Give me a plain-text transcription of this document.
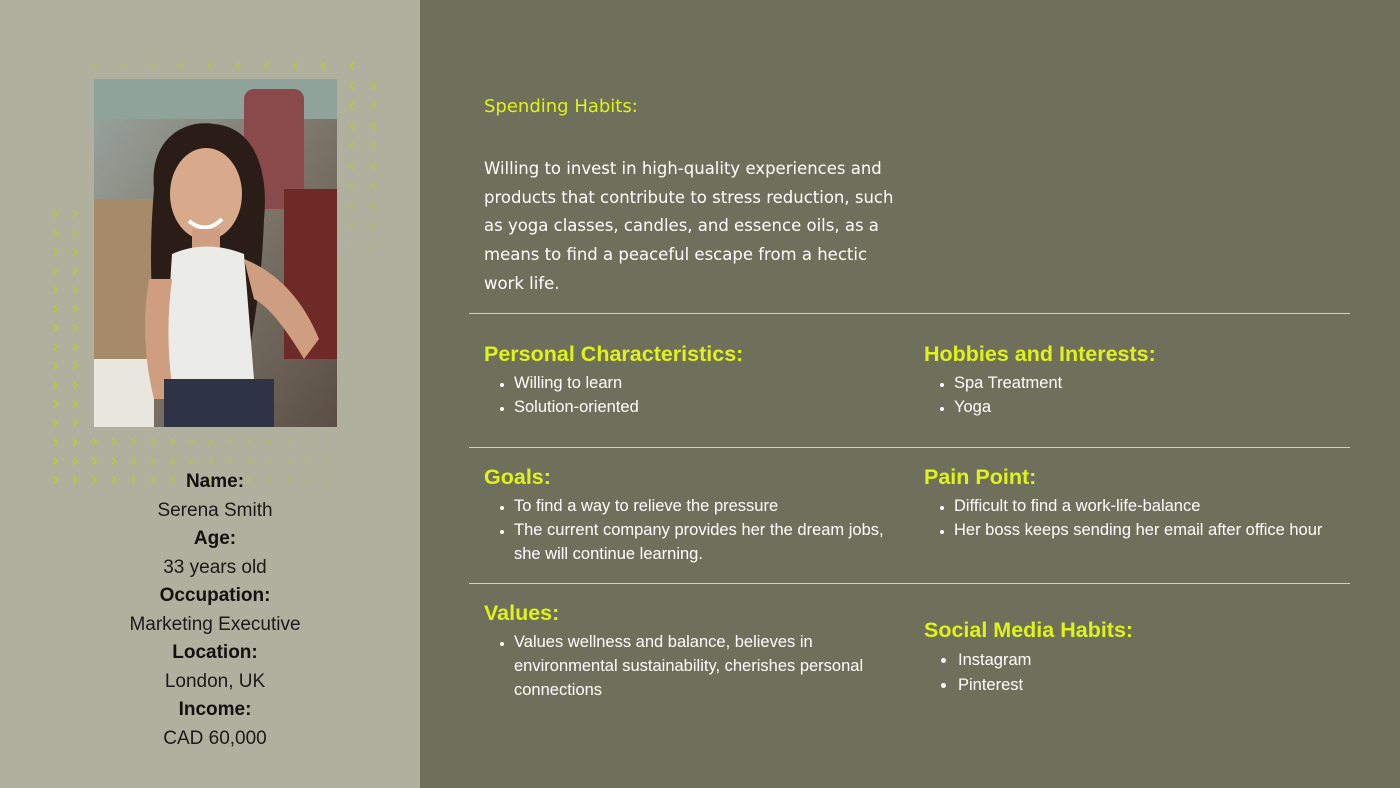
Name:
Serena Smith
Age:
33 years old
Occupation:
Marketing Executive
Location:
London, UK
Income:
CAD 60,000
Spending Habits:
Willing to invest in high-quality experiences and products that contribute to stress reduction, such as yoga classes, candles, and essence oils, as a means to find a peaceful escape from a hectic work life.
Personal Characteristics:
• Willing to learn
• Solution-oriented
Hobbies and Interests:
• Spa Treatment
• Yoga
Goals:
• To find a way to relieve the pressure
• The current company provides her the dream jobs, she will continue learning.
Pain Point:
• Difficult to find a work-life-balance
• Her boss keeps sending her email after office hour
Values:
• Values wellness and balance, believes in environmental sustainability, cherishes personal connections
Social Media Habits:
• Instagram
• Pinterest
